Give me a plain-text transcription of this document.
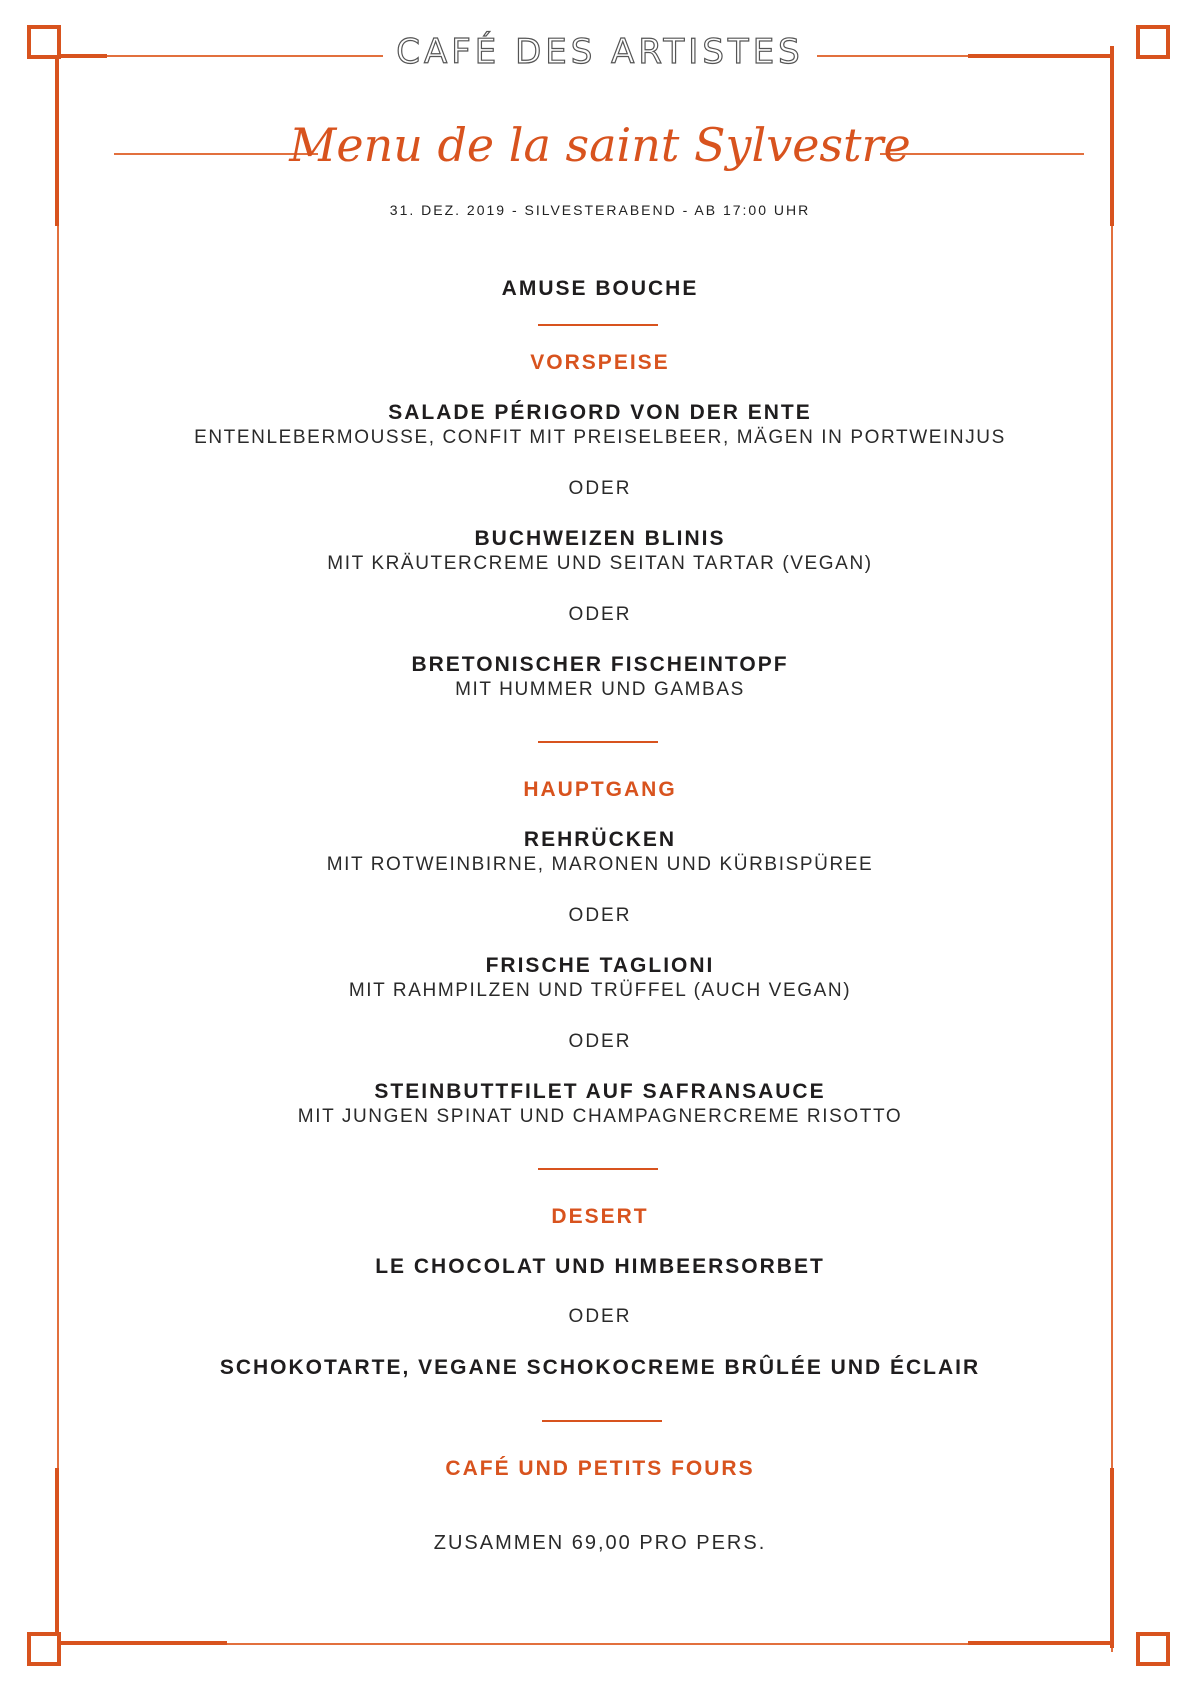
CAFÉ DES ARTISTES
Menu de la saint Sylvestre
31. DEZ. 2019 - SILVESTERABEND - AB 17:00 UHR
AMUSE BOUCHE
VORSPEISE
SALADE PÉRIGORD VON DER ENTE
ENTENLEBERMOUSSE, CONFIT MIT PREISELBEER, MÄGEN IN PORTWEINJUS
ODER
BUCHWEIZEN BLINIS
MIT KRÄUTERCREME UND SEITAN TARTAR (VEGAN)
ODER
BRETONISCHER FISCHEINTOPF
MIT HUMMER UND GAMBAS
HAUPTGANG
REHRÜCKEN
MIT ROTWEINBIRNE, MARONEN UND KÜRBISPÜREE
ODER
FRISCHE TAGLIONI
MIT RAHMPILZEN UND TRÜFFEL (AUCH VEGAN)
ODER
STEINBUTTFILET AUF SAFRANSAUCE
MIT JUNGEN SPINAT UND CHAMPAGNERCREME RISOTTO
DESERT
LE CHOCOLAT UND HIMBEERSORBET
ODER
SCHOKOTARTE, VEGANE SCHOKOCREME BRÛLÉE UND ÉCLAIR
CAFÉ UND PETITS FOURS
ZUSAMMEN 69,00 PRO PERS.
